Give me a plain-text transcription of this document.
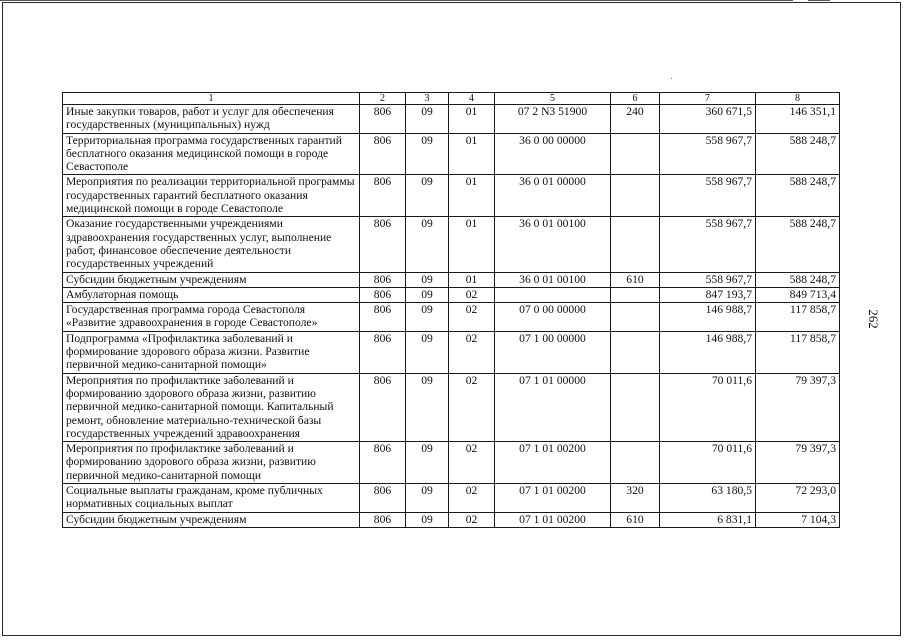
262
1	2	3	4	5	6	7	8
Иные закупки товаров, работ и услуг для обеспечения государственных (муниципальных) нужд	806	09	01	07 2 N3 51900	240	360 671,5	146 351,1
Территориальная программа государственных гарантий бесплатного оказания медицинской помощи в городе Севастополе	806	09	01	36 0 00 00000		558 967,7	588 248,7
Мероприятия по реализации территориальной программы государственных гарантий бесплатного оказания медицинской помощи в городе Севастополе	806	09	01	36 0 01 00000		558 967,7	588 248,7
Оказание государственными учреждениями здравоохранения государственных услуг, выполнение работ, финансовое обеспечение деятельности государственных учреждений	806	09	01	36 0 01 00100		558 967,7	588 248,7
Субсидии бюджетным учреждениям	806	09	01	36 0 01 00100	610	558 967,7	588 248,7
Амбулаторная помощь	806	09	02			847 193,7	849 713,4
Государственная программа города Севастополя «Развитие здравоохранения в городе Севастополе»	806	09	02	07 0 00 00000		146 988,7	117 858,7
Подпрограмма «Профилактика заболеваний и формирование здорового образа жизни. Развитие первичной медико-санитарной помощи»	806	09	02	07 1 00 00000		146 988,7	117 858,7
Мероприятия по профилактике заболеваний и формированию здорового образа жизни, развитию первичной медико-санитарной помощи. Капитальный ремонт, обновление материально-технической базы государственных учреждений здравоохранения	806	09	02	07 1 01 00000		70 011,6	79 397,3
Мероприятия по профилактике заболеваний и формированию здорового образа жизни, развитию первичной медико-санитарной помощи	806	09	02	07 1 01 00200		70 011,6	79 397,3
Социальные выплаты гражданам, кроме публичных нормативных социальных выплат	806	09	02	07 1 01 00200	320	63 180,5	72 293,0
Субсидии бюджетным учреждениям	806	09	02	07 1 01 00200	610	6 831,1	7 104,3
